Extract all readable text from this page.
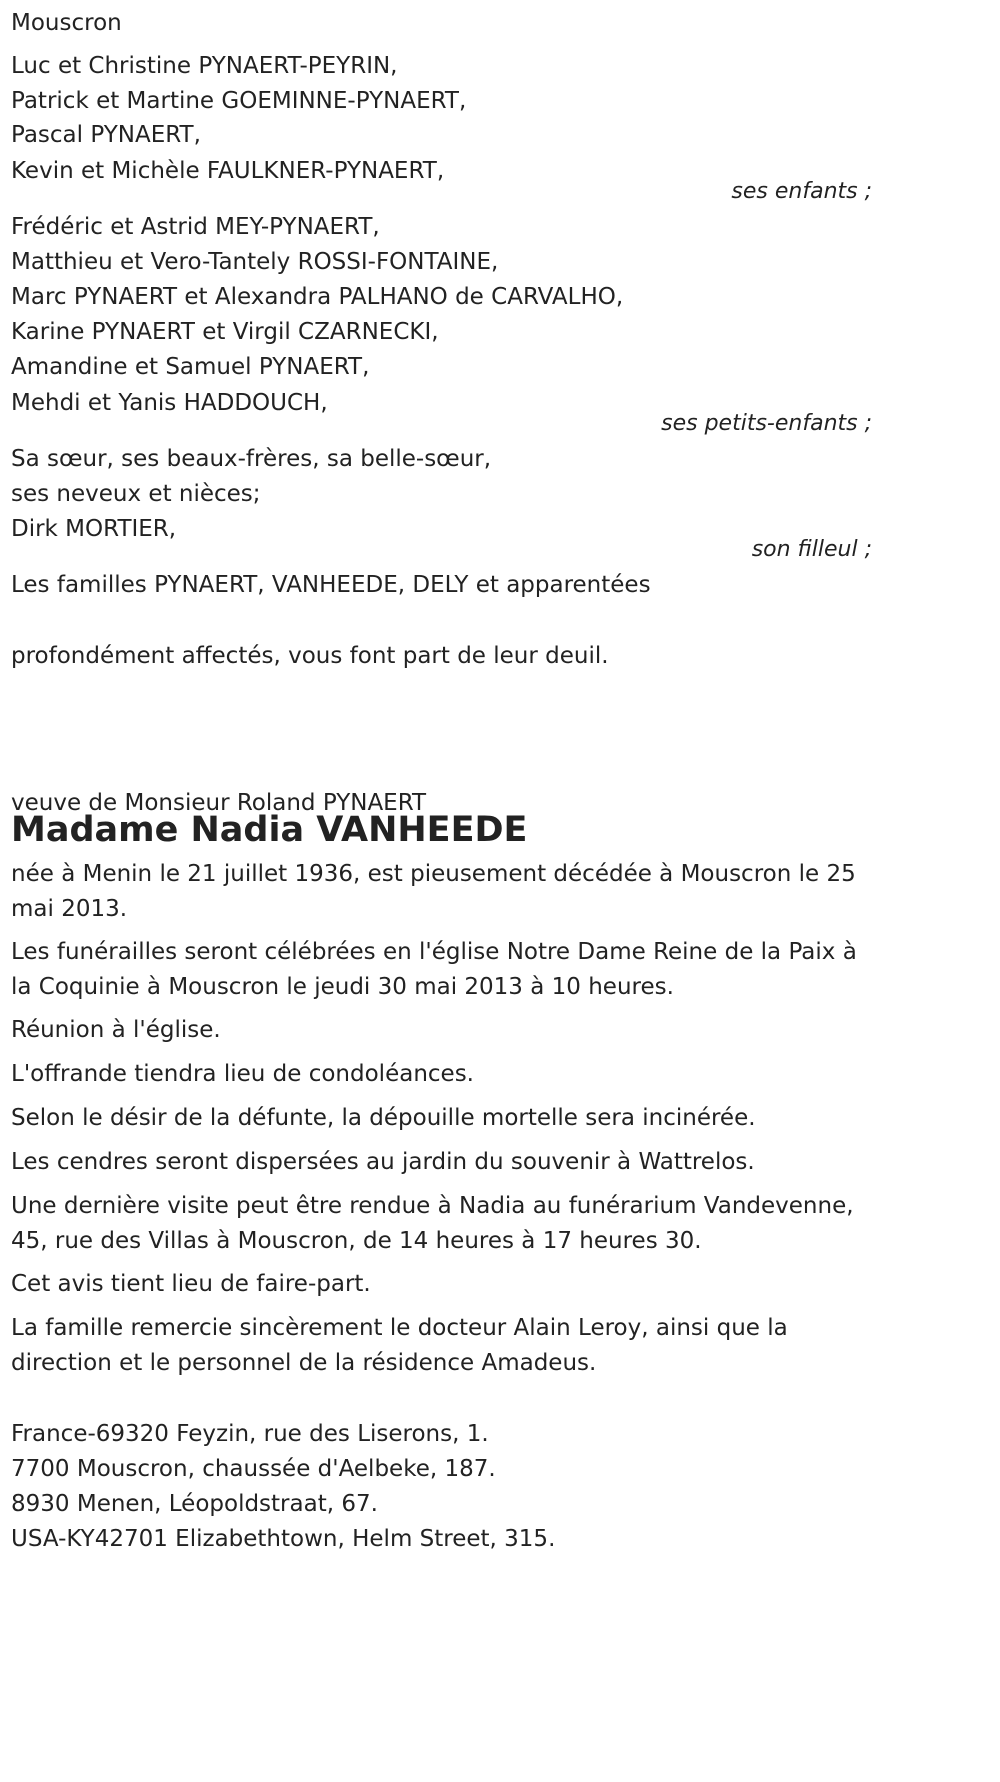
Mouscron
Luc et Christine PYNAERT-PEYRIN,
Patrick et Martine GOEMINNE-PYNAERT,
Pascal PYNAERT,
Kevin et Michèle FAULKNER-PYNAERT,
ses enfants ;
Frédéric et Astrid MEY-PYNAERT,
Matthieu et Vero-Tantely ROSSI-FONTAINE,
Marc PYNAERT et Alexandra PALHANO de CARVALHO,
Karine PYNAERT et Virgil CZARNECKI,
Amandine et Samuel PYNAERT,
Mehdi et Yanis HADDOUCH,
ses petits-enfants ;
Sa sœur, ses beaux-frères, sa belle-sœur,
ses neveux et nièces;
Dirk MORTIER,
son filleul ;
Les familles PYNAERT, VANHEEDE, DELY et apparentées
profondément affectés, vous font part de leur deuil.
Madame Nadia VANHEEDE
veuve de Monsieur Roland PYNAERT
née à Menin le 21 juillet 1936, est pieusement décédée à Mouscron le 25
mai 2013.
Les funérailles seront célébrées en l'église Notre Dame Reine de la Paix à
la Coquinie à Mouscron le jeudi 30 mai 2013 à 10 heures.
Réunion à l'église.
L'offrande tiendra lieu de condoléances.
Selon le désir de la défunte, la dépouille mortelle sera incinérée.
Les cendres seront dispersées au jardin du souvenir à Wattrelos.
Une dernière visite peut être rendue à Nadia au funérarium Vandevenne,
45, rue des Villas à Mouscron, de 14 heures à 17 heures 30.
Cet avis tient lieu de faire-part.
La famille remercie sincèrement le docteur Alain Leroy, ainsi que la
direction et le personnel de la résidence Amadeus.
France-69320 Feyzin, rue des Liserons, 1.
7700 Mouscron, chaussée d'Aelbeke, 187.
8930 Menen, Léopoldstraat, 67.
USA-KY42701 Elizabethtown, Helm Street, 315.
